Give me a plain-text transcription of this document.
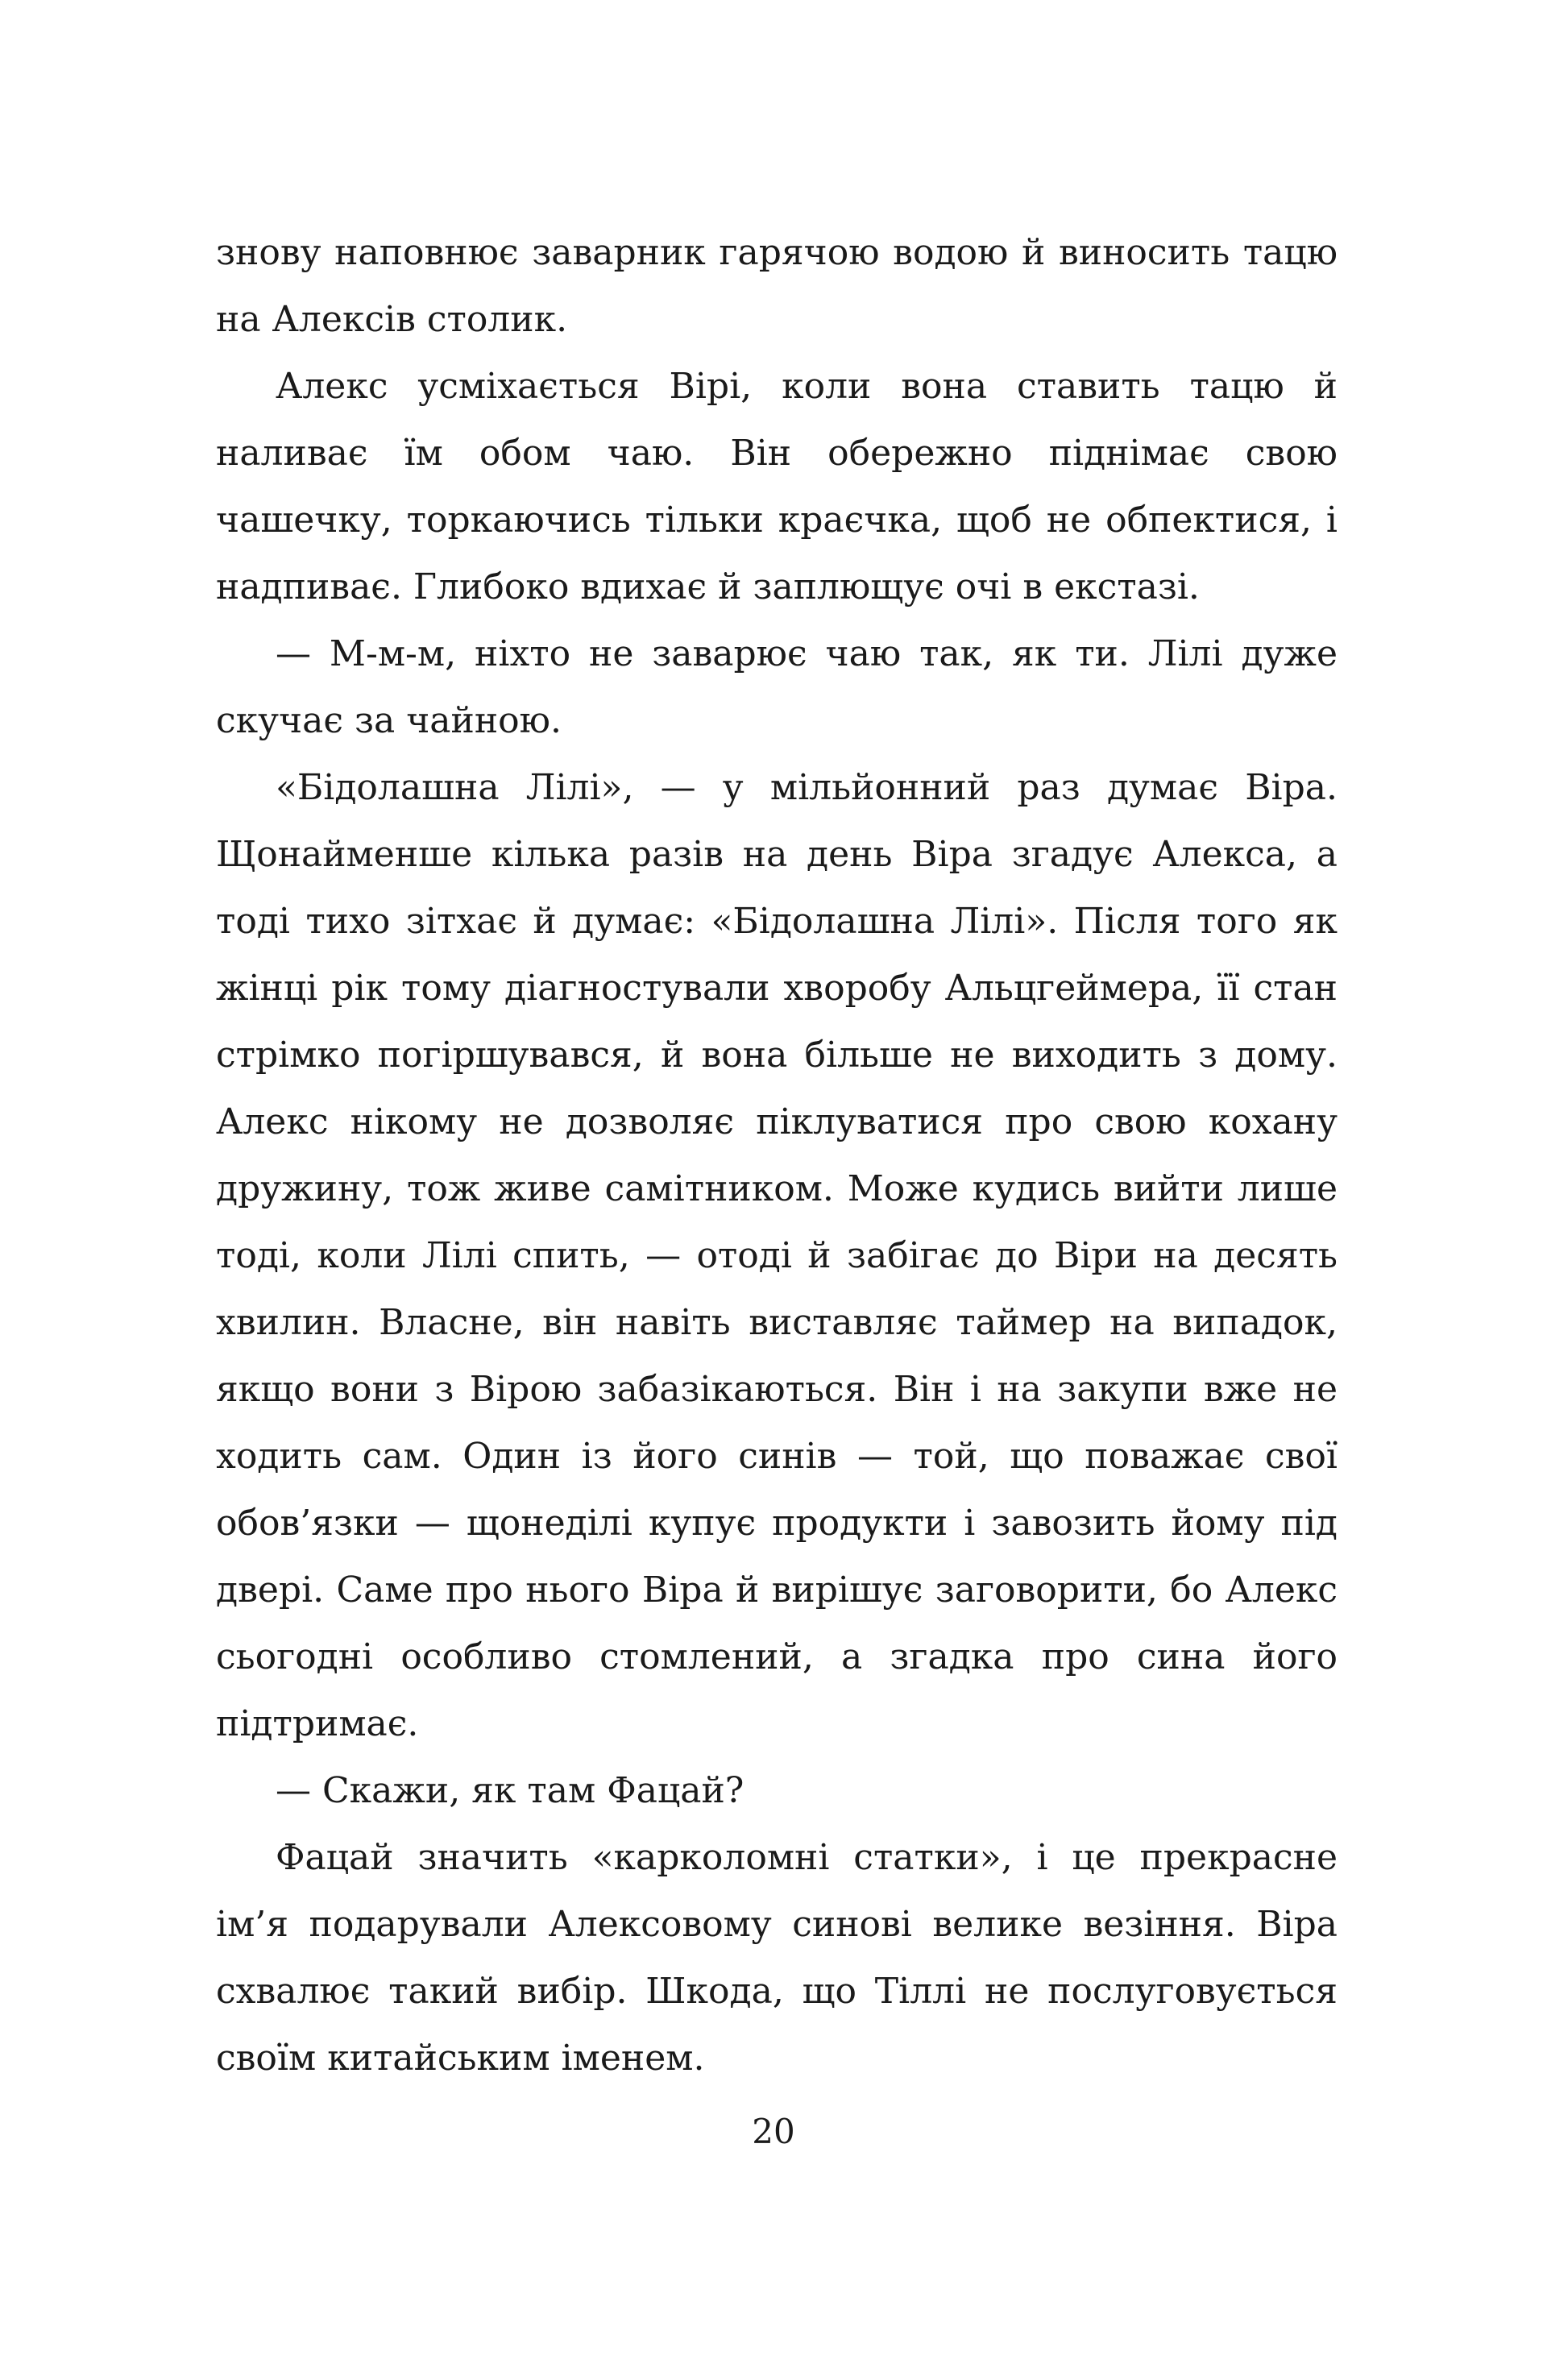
знову наповнює заварник гарячою водою й виносить тацю на Алексів столик.

Алекс усміхається Вірі, коли вона ставить тацю й наливає їм обом чаю. Він обережно піднімає свою чашечку, торкаючись тільки краєчка, щоб не обпектися, і надпиває. Глибоко вдихає й заплющує очі в екстазі.

— М-м-м, ніхто не заварює чаю так, як ти. Лілі дуже скучає за чайною.

«Бідолашна Лілі», — у мільйонний раз думає Віра. Щонайменше кілька разів на день Віра згадує Алекса, а тоді тихо зітхає й думає: «Бідолашна Лілі». Після того як жінці рік тому діагностували хворобу Альцгеймера, її стан стрімко погіршувався, й вона більше не виходить з дому. Алекс нікому не дозволяє піклуватися про свою кохану дружину, тож живе самітником. Може кудись вийти лише тоді, коли Лілі спить, — отоді й забігає до Віри на десять хвилин. Власне, він навіть виставляє таймер на випадок, якщо вони з Вірою забазікаються. Він і на закупи вже не ходить сам. Один із його синів — той, що поважає свої обов’язки — щонеділі купує продукти і завозить йому під двері. Саме про нього Віра й вирішує заговорити, бо Алекс сьогодні особливо стомлений, а згадка про сина його підтримає.

— Скажи, як там Фацай?

Фацай значить «карколомні статки», і це прекрасне ім’я подарували Алексовому синові велике везіння. Віра схвалює такий вибір. Шкода, що Тіллі не послуговується своїм китайським іменем.

20
